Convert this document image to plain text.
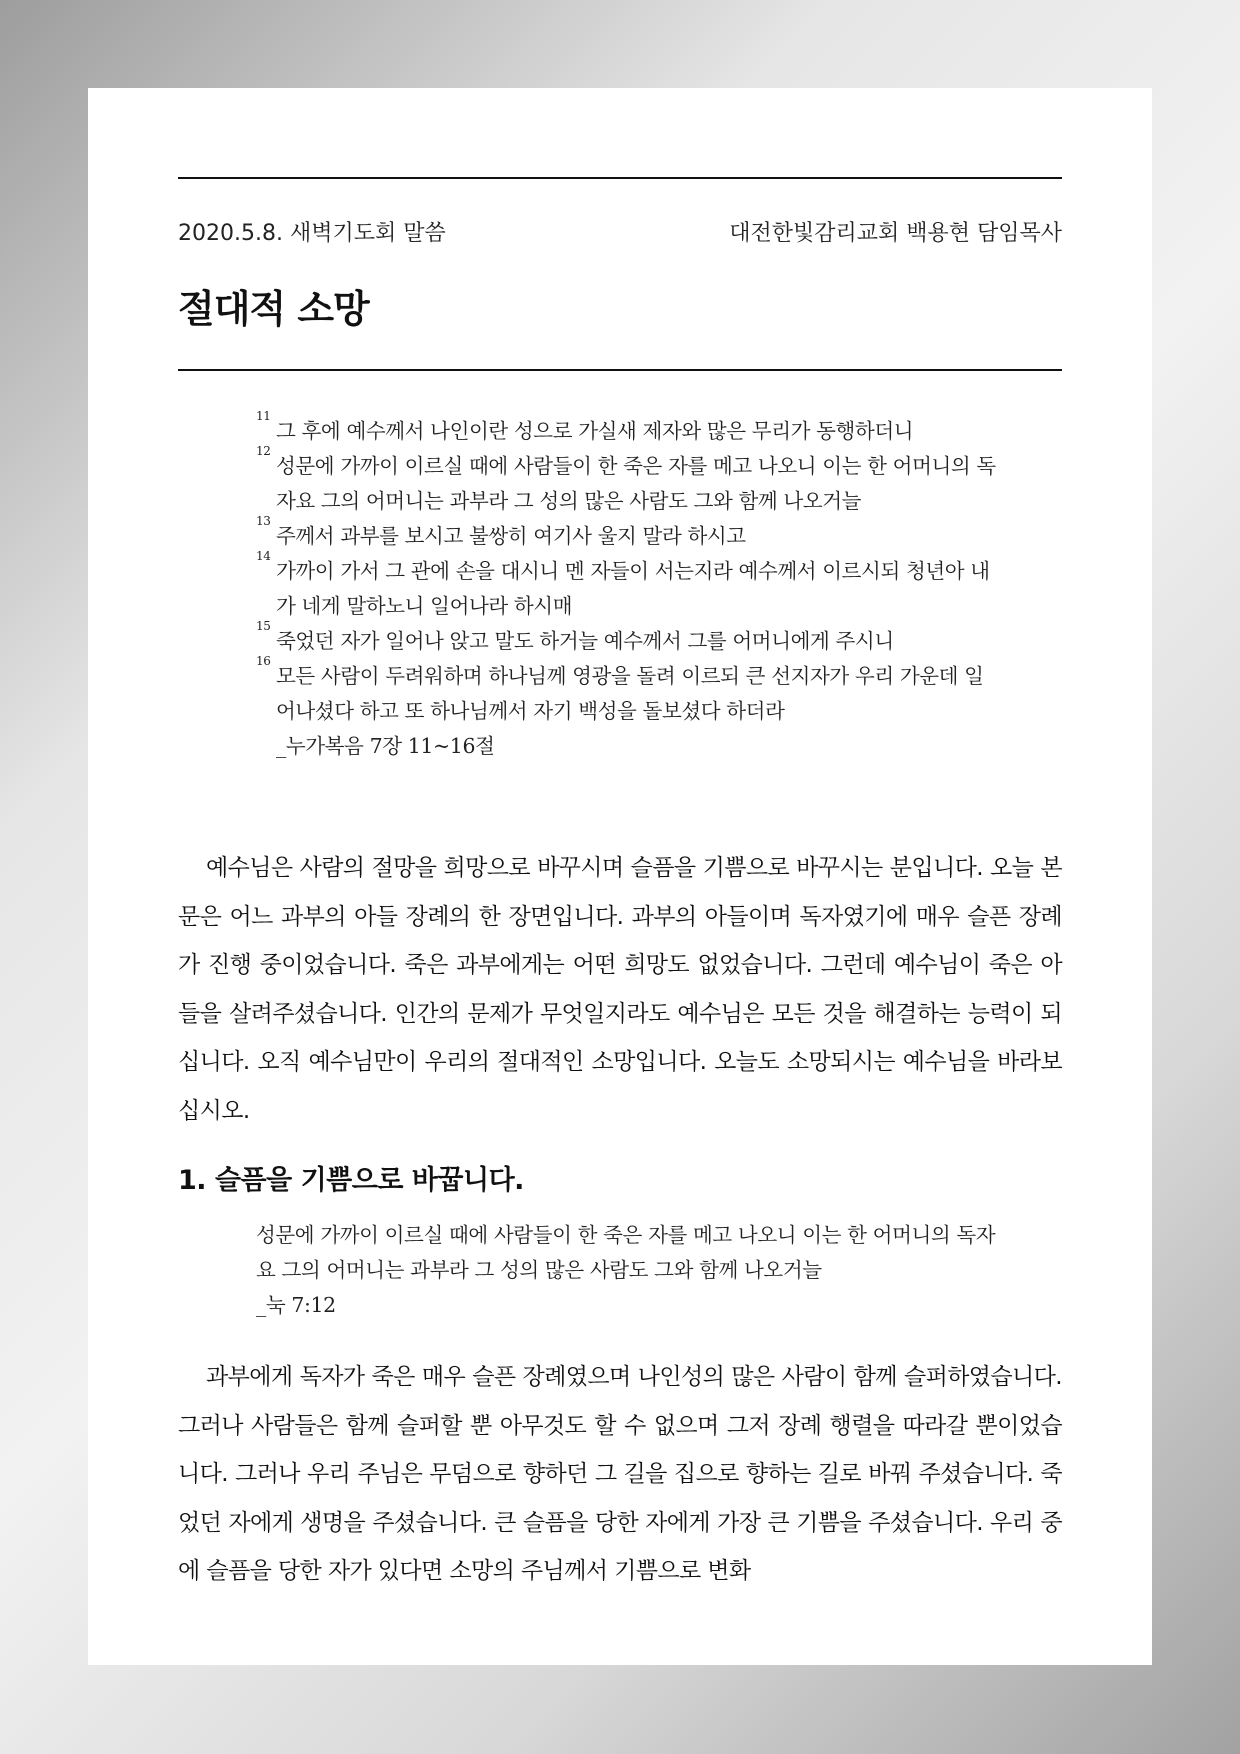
2020.5.8. 새벽기도회 말씀	대전한빛감리교회 백용현 담임목사
절대적 소망
11
그 후에 예수께서 나인이란 성으로 가실새 제자와 많은 무리가 동행하더니
12
성문에 가까이 이르실 때에 사람들이 한 죽은 자를 메고 나오니 이는 한 어머니의 독자요 그의 어머니는 과부라 그 성의 많은 사람도 그와 함께 나오거늘
13
주께서 과부를 보시고 불쌍히 여기사 울지 말라 하시고
14
가까이 가서 그 관에 손을 대시니 멘 자들이 서는지라 예수께서 이르시되 청년아 내가 네게 말하노니 일어나라 하시매
15
죽었던 자가 일어나 앉고 말도 하거늘 예수께서 그를 어머니에게 주시니
16
모든 사람이 두려워하며 하나님께 영광을 돌려 이르되 큰 선지자가 우리 가운데 일어나셨다 하고 또 하나님께서 자기 백성을 돌보셨다 하더라
_누가복음 7장 11~16절

예수님은 사람의 절망을 희망으로 바꾸시며 슬픔을 기쁨으로 바꾸시는 분입니다. 오늘 본문은 어느 과부의 아들 장례의 한 장면입니다. 과부의 아들이며 독자였기에 매우 슬픈 장례가 진행 중이었습니다. 죽은 과부에게는 어떤 희망도 없었습니다. 그런데 예수님이 죽은 아들을 살려주셨습니다. 인간의 문제가 무엇일지라도 예수님은 모든 것을 해결하는 능력이 되십니다. 오직 예수님만이 우리의 절대적인 소망입니다. 오늘도 소망되시는 예수님을 바라보십시오.

1. 슬픔을 기쁨으로 바꿉니다.
성문에 가까이 이르실 때에 사람들이 한 죽은 자를 메고 나오니 이는 한 어머니의 독자요 그의 어머니는 과부라 그 성의 많은 사람도 그와 함께 나오거늘
_눅 7:12

과부에게 독자가 죽은 매우 슬픈 장례였으며 나인성의 많은 사람이 함께 슬퍼하였습니다. 그러나 사람들은 함께 슬퍼할 뿐 아무것도 할 수 없으며 그저 장례 행렬을 따라갈 뿐이었습니다. 그러나 우리 주님은 무덤으로 향하던 그 길을 집으로 향하는 길로 바꿔 주셨습니다. 죽었던 자에게 생명을 주셨습니다. 큰 슬픔을 당한 자에게 가장 큰 기쁨을 주셨습니다. 우리 중에 슬픔을 당한 자가 있다면 소망의 주님께서 기쁨으로 변화
